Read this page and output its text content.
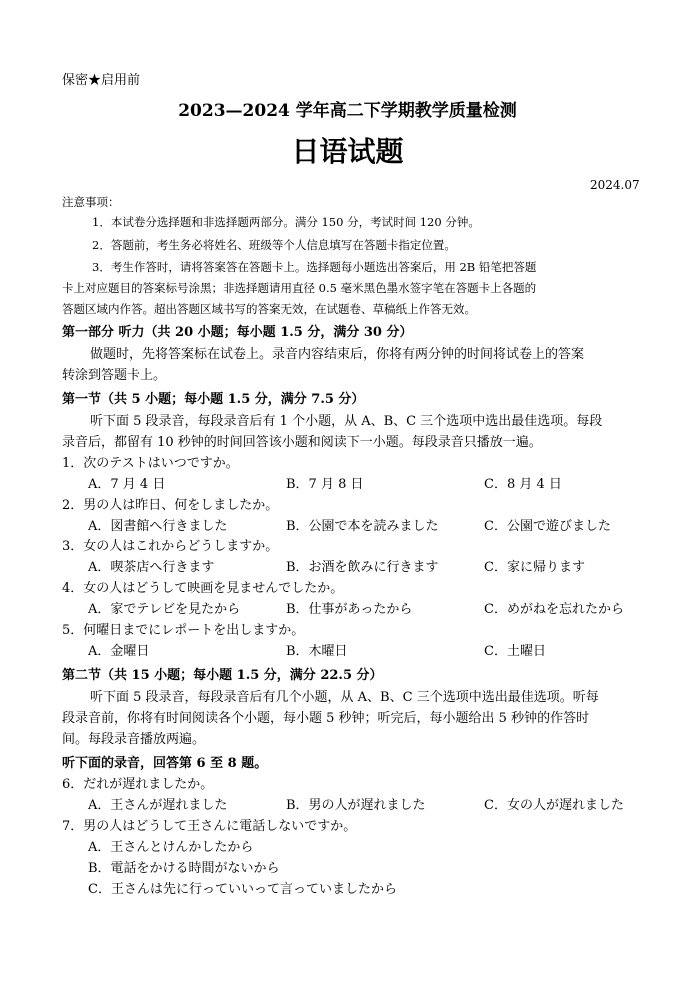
保密★启用前
2023—2024 学年高二下学期教学质量检测
日语试题
2024.07
注意事项：
1．本试卷分选择题和非选择题两部分。满分 150 分，考试时间 120 分钟。
2．答题前，考生务必将姓名、班级等个人信息填写在答题卡指定位置。
3．考生作答时，请将答案答在答题卡上。选择题每小题选出答案后，用 2B 铅笔把答题
卡上对应题目的答案标号涂黑；非选择题请用直径 0.5 毫米黑色墨水签字笔在答题卡上各题的
答题区域内作答。超出答题区域书写的答案无效，在试题卷、草稿纸上作答无效。
第一部分 听力（共 20 小题；每小题 1.5 分，满分 30 分）
做题时，先将答案标在试卷上。录音内容结束后，你将有两分钟的时间将试卷上的答案
转涂到答题卡上。
第一节（共 5 小题；每小题 1.5 分，满分 7.5 分）
听下面 5 段录音，每段录音后有 1 个小题，从 A、B、C 三个选项中选出最佳选项。每段
录音后，都留有 10 秒钟的时间回答该小题和阅读下一小题。每段录音只播放一遍。
1．次のテストはいつですか。
A．7 月 4 日	B．7 月 8 日	C．8 月 4 日
2．男の人は昨日、何をしましたか。
A．図書館へ行きました	B．公園で本を読みました	C．公園で遊びました
3．女の人はこれからどうしますか。
A．喫茶店へ行きます	B．お酒を飲みに行きます	C．家に帰ります
4．女の人はどうして映画を見ませんでしたか。
A．家でテレビを見たから	B．仕事があったから	C．めがねを忘れたから
5．何曜日までにレポートを出しますか。
A．金曜日	B．木曜日	C．土曜日
第二节（共 15 小题；每小题 1.5 分，满分 22.5 分）
听下面 5 段录音，每段录音后有几个小题，从 A、B、C 三个选项中选出最佳选项。听每
段录音前，你将有时间阅读各个小题，每小题 5 秒钟；听完后，每小题给出 5 秒钟的作答时
间。每段录音播放两遍。
听下面的录音，回答第 6 至 8 题。
6．だれが遅れましたか。
A．王さんが遅れました	B．男の人が遅れました	C．女の人が遅れました
7．男の人はどうして王さんに電話しないですか。
A．王さんとけんかしたから
B．電話をかける時間がないから
C．王さんは先に行っていいって言っていましたから
